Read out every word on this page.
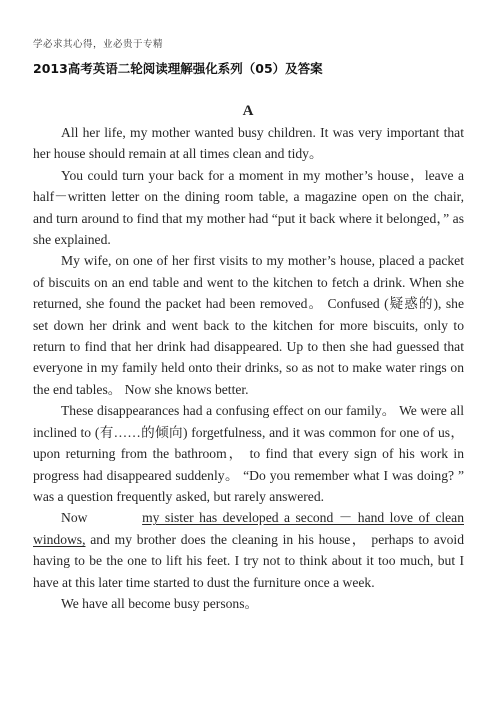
学必求其心得，业必贵于专精
2013高考英语二轮阅读理解强化系列（05）及答案
A

All her life, my mother wanted busy children. It was very important that her house should remain at all times clean and tidy。

You could turn your back for a moment in my mother’s house，leave a half－written letter on the dining room table, a magazine open on the chair, and turn around to find that my mother had “put it back where it belonged，” as she explained.

My wife, on one of her first visits to my mother’s house, placed a packet of biscuits on an end table and went to the kitchen to fetch a drink. When she returned, she found the packet had been removed。 Confused (疑惑的), she set down her drink and went back to the kitchen for more biscuits, only to return to find that her drink had disappeared. Up to then she had guessed that everyone in my family held onto their drinks, so as not to make water rings on the end tables。 Now she knows better.

These disappearances had a confusing effect on our family。 We were all inclined to (有……的倾向) forgetfulness, and it was common for one of us， upon returning from the bathroom， to find that every sign of his work in progress had disappeared suddenly。 “Do you remember what I was doing? ” was a question frequently asked, but rarely answered.

Now	my sister has developed a second － hand love of clean windows, and my brother does the cleaning in his house， perhaps to avoid having to be the one to lift his feet. I try not to think about it too much, but I have at this later time started to dust the furniture once a week.

We have all become busy persons。
